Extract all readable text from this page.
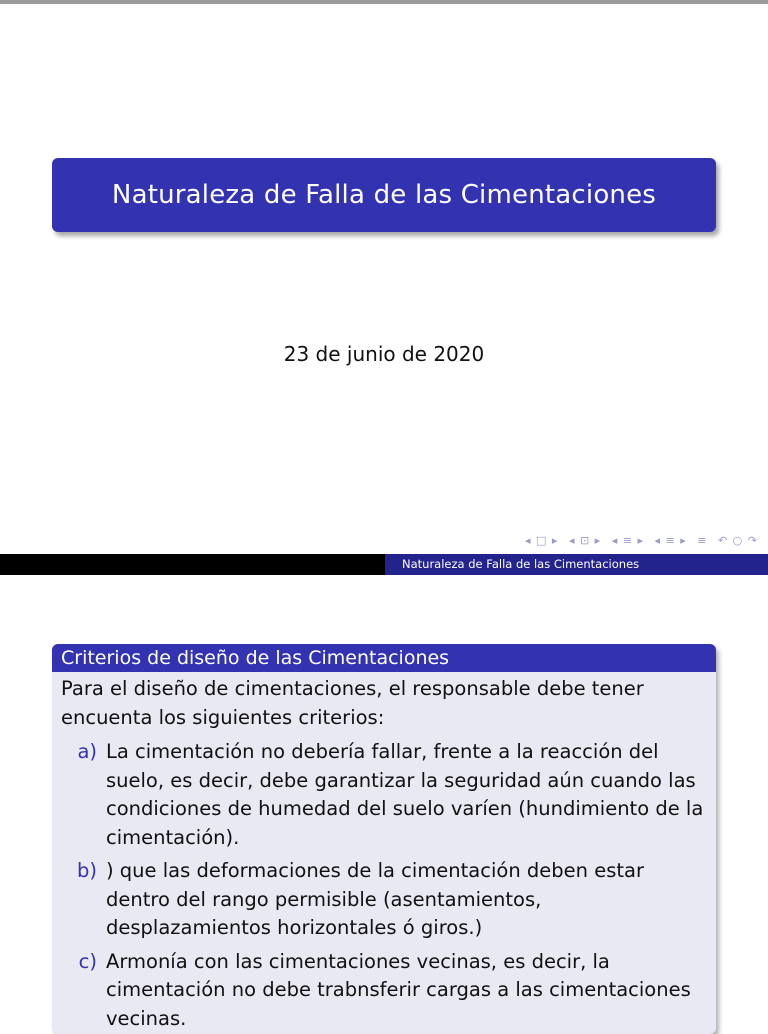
Naturaleza de Falla de las Cimentaciones
23 de junio de 2020
◂ □ ▸ ◂ ⊡ ▸ ◂ ≡ ▸ ◂ ≡ ▸ ≡ ↶ ○ ↷
Naturaleza de Falla de las Cimentaciones
Criterios de diseño de las Cimentaciones

Para el diseño de cimentaciones, el responsable debe tener encuenta los siguientes criterios:

a) La cimentación no debería fallar, frente a la reacción del suelo, es decir, debe garantizar la seguridad aún cuando las condiciones de humedad del suelo varíen (hundimiento de la cimentación).
b) ) que las deformaciones de la cimentación deben estar dentro del rango permisible (asentamientos, desplazamientos horizontales ó giros.)
c) Armonía con las cimentaciones vecinas, es decir, la cimentación no debe trabnsferir cargas a las cimentaciones vecinas.
